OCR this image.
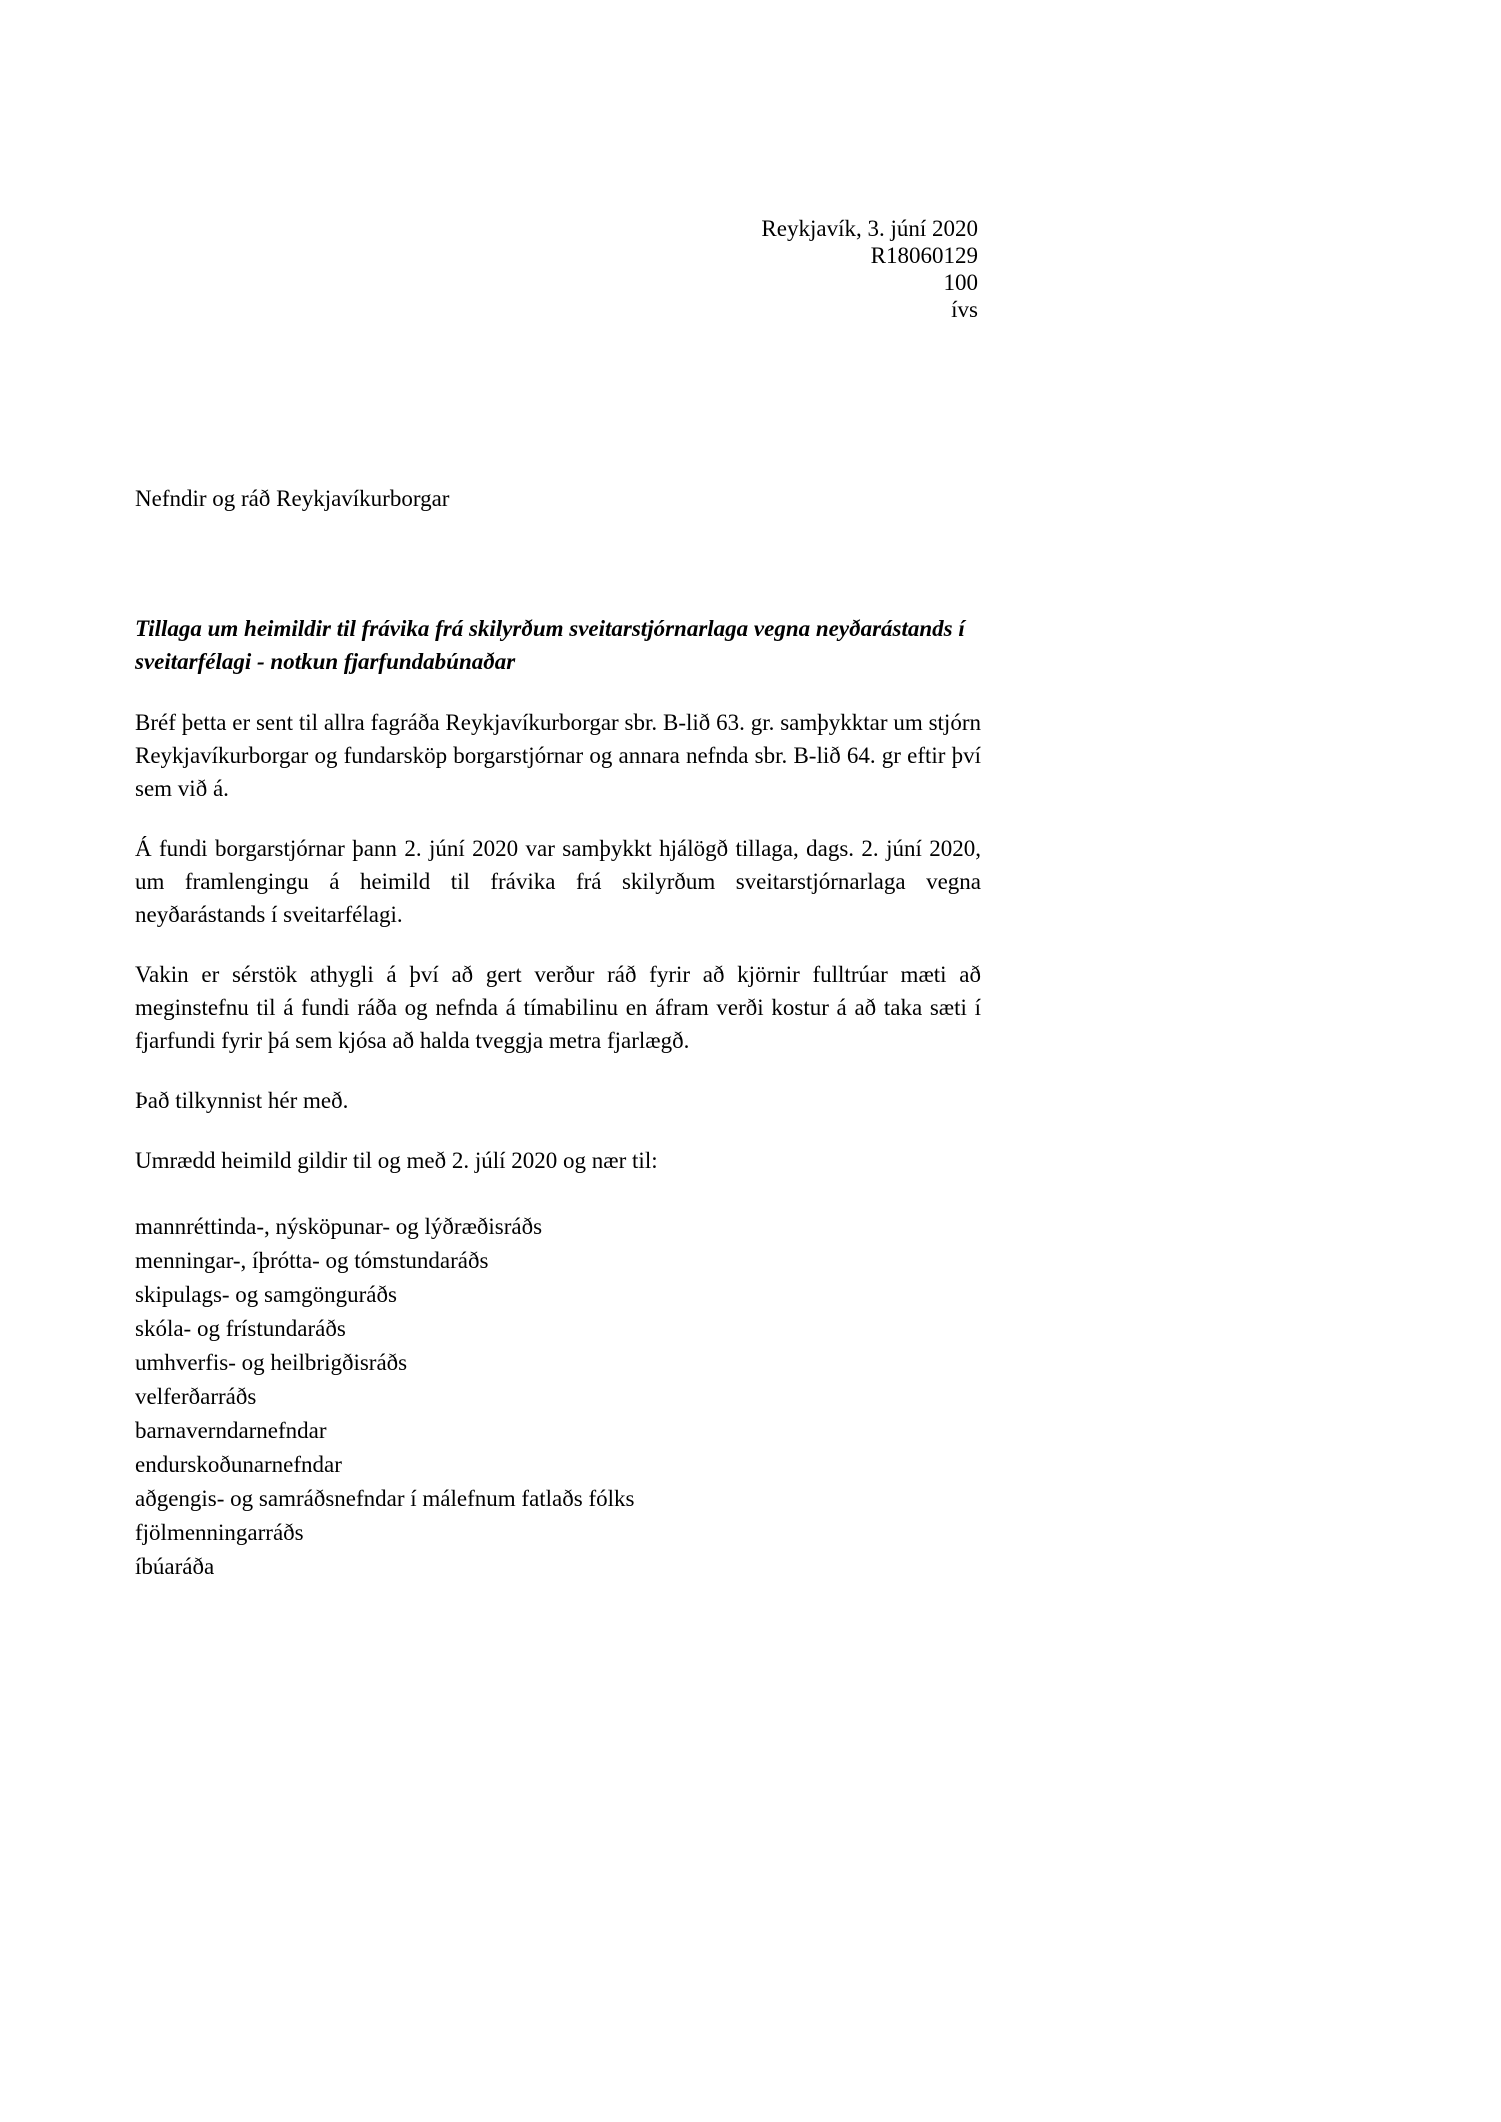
Reykjavík, 3. júní 2020
R18060129
100
ívs
Nefndir og ráð Reykjavíkurborgar
Tillaga um heimildir til frávika frá skilyrðum sveitarstjórnarlaga vegna neyðarástands í sveitarfélagi - notkun fjarfundabúnaðar

Bréf þetta er sent til allra fagráða Reykjavíkurborgar sbr. B-lið 63. gr. samþykktar um stjórn Reykjavíkurborgar og fundarsköp borgarstjórnar og annara nefnda sbr. B-lið 64. gr eftir því sem við á.

Á fundi borgarstjórnar þann 2. júní 2020 var samþykkt hjálögð tillaga, dags. 2. júní 2020, um framlengingu á heimild til frávika frá skilyrðum sveitarstjórnarlaga vegna neyðarástands í sveitarfélagi.

Vakin er sérstök athygli á því að gert verður ráð fyrir að kjörnir fulltrúar mæti að meginstefnu til á fundi ráða og nefnda á tímabilinu en áfram verði kostur á að taka sæti í fjarfundi fyrir þá sem kjósa að halda tveggja metra fjarlægð.

Það tilkynnist hér með.

Umrædd heimild gildir til og með 2. júlí 2020 og nær til:

mannréttinda-, nýsköpunar- og lýðræðisráðs
menningar-, íþrótta- og tómstundaráðs
skipulags- og samgönguráðs
skóla- og frístundaráðs
umhverfis- og heilbrigðisráðs
velferðarráðs
barnaverndarnefndar
endurskoðunarnefndar
aðgengis- og samráðsnefndar í málefnum fatlaðs fólks
fjölmenningarráðs
íbúaráða
